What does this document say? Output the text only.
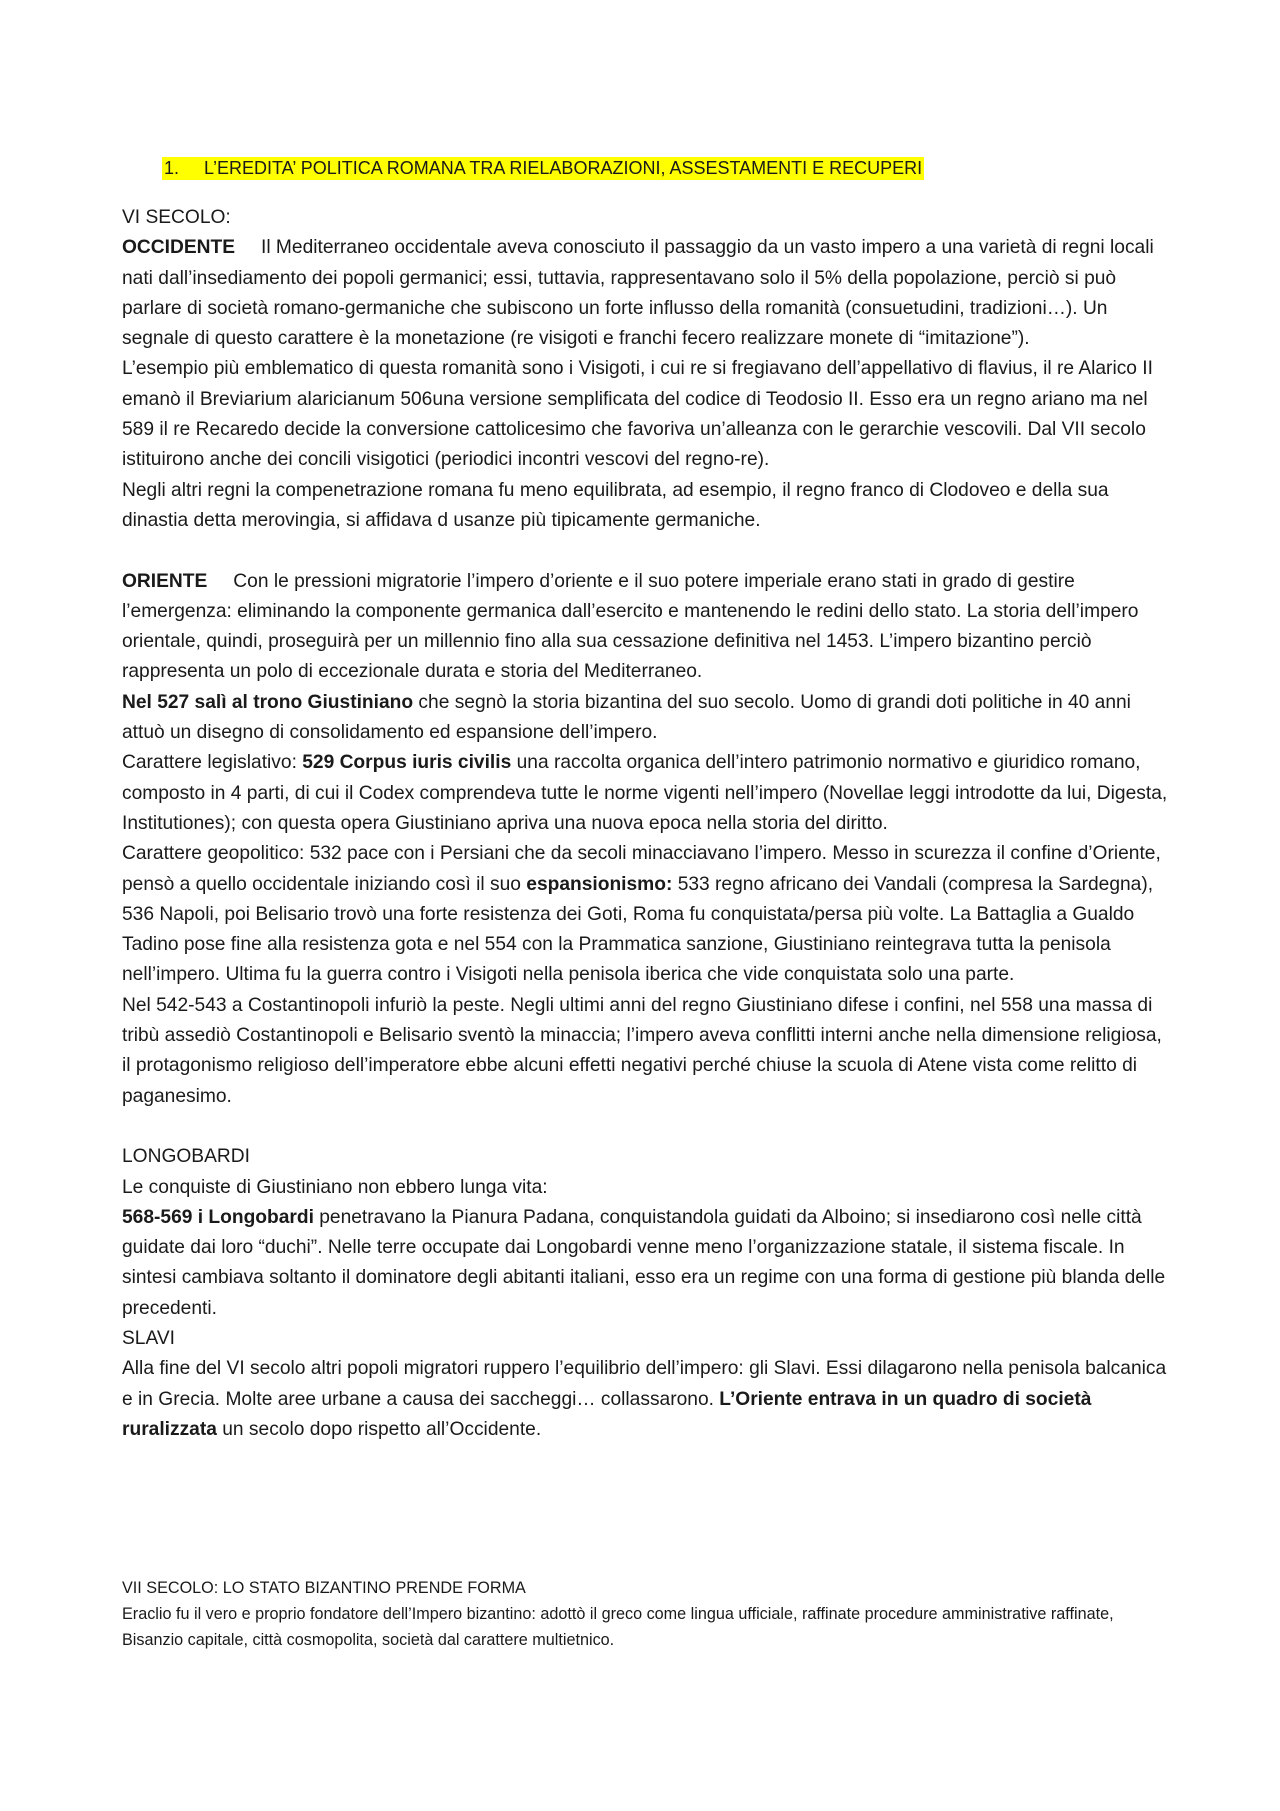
1. L’EREDITA’ POLITICA ROMANA TRA RIELABORAZIONI, ASSESTAMENTI E RECUPERI

VI SECOLO:

OCCIDENTE Il Mediterraneo occidentale aveva conosciuto il passaggio da un vasto impero a una varietà di regni locali nati dall’insediamento dei popoli germanici; essi, tuttavia, rappresentavano solo il 5% della popolazione, perciò si può parlare di società romano-germaniche che subiscono un forte influsso della romanità (consuetudini, tradizioni…). Un segnale di questo carattere è la monetazione (re visigoti e franchi fecero realizzare monete di “imitazione”).

L’esempio più emblematico di questa romanità sono i Visigoti, i cui re si fregiavano dell’appellativo di flavius, il re Alarico II emanò il Breviarium alaricianum 506una versione semplificata del codice di Teodosio II. Esso era un regno ariano ma nel 589 il re Recaredo decide la conversione cattolicesimo che favoriva un’alleanza con le gerarchie vescovili. Dal VII secolo istituirono anche dei concili visigotici (periodici incontri vescovi del regno-re).

Negli altri regni la compenetrazione romana fu meno equilibrata, ad esempio, il regno franco di Clodoveo e della sua dinastia detta merovingia, si affidava d usanze più tipicamente germaniche.

ORIENTE Con le pressioni migratorie l’impero d’oriente e il suo potere imperiale erano stati in grado di gestire l’emergenza: eliminando la componente germanica dall’esercito e mantenendo le redini dello stato. La storia dell’impero orientale, quindi, proseguirà per un millennio fino alla sua cessazione definitiva nel 1453. L’impero bizantino perciò rappresenta un polo di eccezionale durata e storia del Mediterraneo.

Nel 527 salì al trono Giustiniano che segnò la storia bizantina del suo secolo. Uomo di grandi doti politiche in 40 anni attuò un disegno di consolidamento ed espansione dell’impero.

Carattere legislativo: 529 Corpus iuris civilis una raccolta organica dell’intero patrimonio normativo e giuridico romano, composto in 4 parti, di cui il Codex comprendeva tutte le norme vigenti nell’impero (Novellae leggi introdotte da lui, Digesta, Institutiones); con questa opera Giustiniano apriva una nuova epoca nella storia del diritto.

Carattere geopolitico: 532 pace con i Persiani che da secoli minacciavano l’impero. Messo in scurezza il confine d’Oriente, pensò a quello occidentale iniziando così il suo espansionismo: 533 regno africano dei Vandali (compresa la Sardegna), 536 Napoli, poi Belisario trovò una forte resistenza dei Goti, Roma fu conquistata/persa più volte. La Battaglia a Gualdo Tadino pose fine alla resistenza gota e nel 554 con la Prammatica sanzione, Giustiniano reintegrava tutta la penisola nell’impero. Ultima fu la guerra contro i Visigoti nella penisola iberica che vide conquistata solo una parte.

Nel 542-543 a Costantinopoli infuriò la peste. Negli ultimi anni del regno Giustiniano difese i confini, nel 558 una massa di tribù assediò Costantinopoli e Belisario sventò la minaccia; l’impero aveva conflitti interni anche nella dimensione religiosa, il protagonismo religioso dell’imperatore ebbe alcuni effetti negativi perché chiuse la scuola di Atene vista come relitto di paganesimo.

LONGOBARDI

Le conquiste di Giustiniano non ebbero lunga vita:

568-569 i Longobardi penetravano la Pianura Padana, conquistandola guidati da Alboino; si insediarono così nelle città guidate dai loro “duchi”. Nelle terre occupate dai Longobardi venne meno l’organizzazione statale, il sistema fiscale. In sintesi cambiava soltanto il dominatore degli abitanti italiani, esso era un regime con una forma di gestione più blanda delle precedenti.

SLAVI

Alla fine del VI secolo altri popoli migratori ruppero l’equilibrio dell’impero: gli Slavi. Essi dilagarono nella penisola balcanica e in Grecia. Molte aree urbane a causa dei saccheggi… collassarono. L’Oriente entrava in un quadro di società ruralizzata un secolo dopo rispetto all’Occidente.

VII SECOLO: LO STATO BIZANTINO PRENDE FORMA

Eraclio fu il vero e proprio fondatore dell’Impero bizantino: adottò il greco come lingua ufficiale, raffinate procedure amministrative raffinate, Bisanzio capitale, città cosmopolita, società dal carattere multietnico.
